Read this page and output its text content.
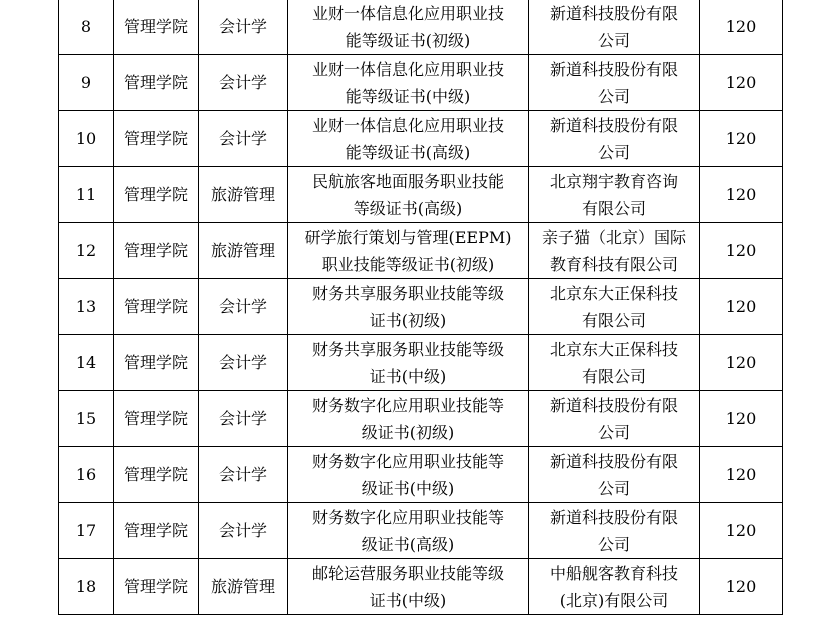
8	管理学院	会计学	业财一体信息化应用职业技
能等级证书(初级)	新道科技股份有限
公司	120

9	管理学院	会计学	业财一体信息化应用职业技
能等级证书(中级)	新道科技股份有限
公司	120

10	管理学院	会计学	业财一体信息化应用职业技
能等级证书(高级)	新道科技股份有限
公司	120

11	管理学院	旅游管理	民航旅客地面服务职业技能
等级证书(高级)	北京翔宇教育咨询
有限公司	120

12	管理学院	旅游管理	研学旅行策划与管理(EEPM)
职业技能等级证书(初级)	亲子猫（北京）国际
教育科技有限公司	120

13	管理学院	会计学	财务共享服务职业技能等级
证书(初级)	北京东大正保科技
有限公司	120

14	管理学院	会计学	财务共享服务职业技能等级
证书(中级)	北京东大正保科技
有限公司	120

15	管理学院	会计学	财务数字化应用职业技能等
级证书(初级)	新道科技股份有限
公司	120

16	管理学院	会计学	财务数字化应用职业技能等
级证书(中级)	新道科技股份有限
公司	120

17	管理学院	会计学	财务数字化应用职业技能等
级证书(高级)	新道科技股份有限
公司	120

18	管理学院	旅游管理	邮轮运营服务职业技能等级
证书(中级)	中船舰客教育科技
(北京)有限公司	120
